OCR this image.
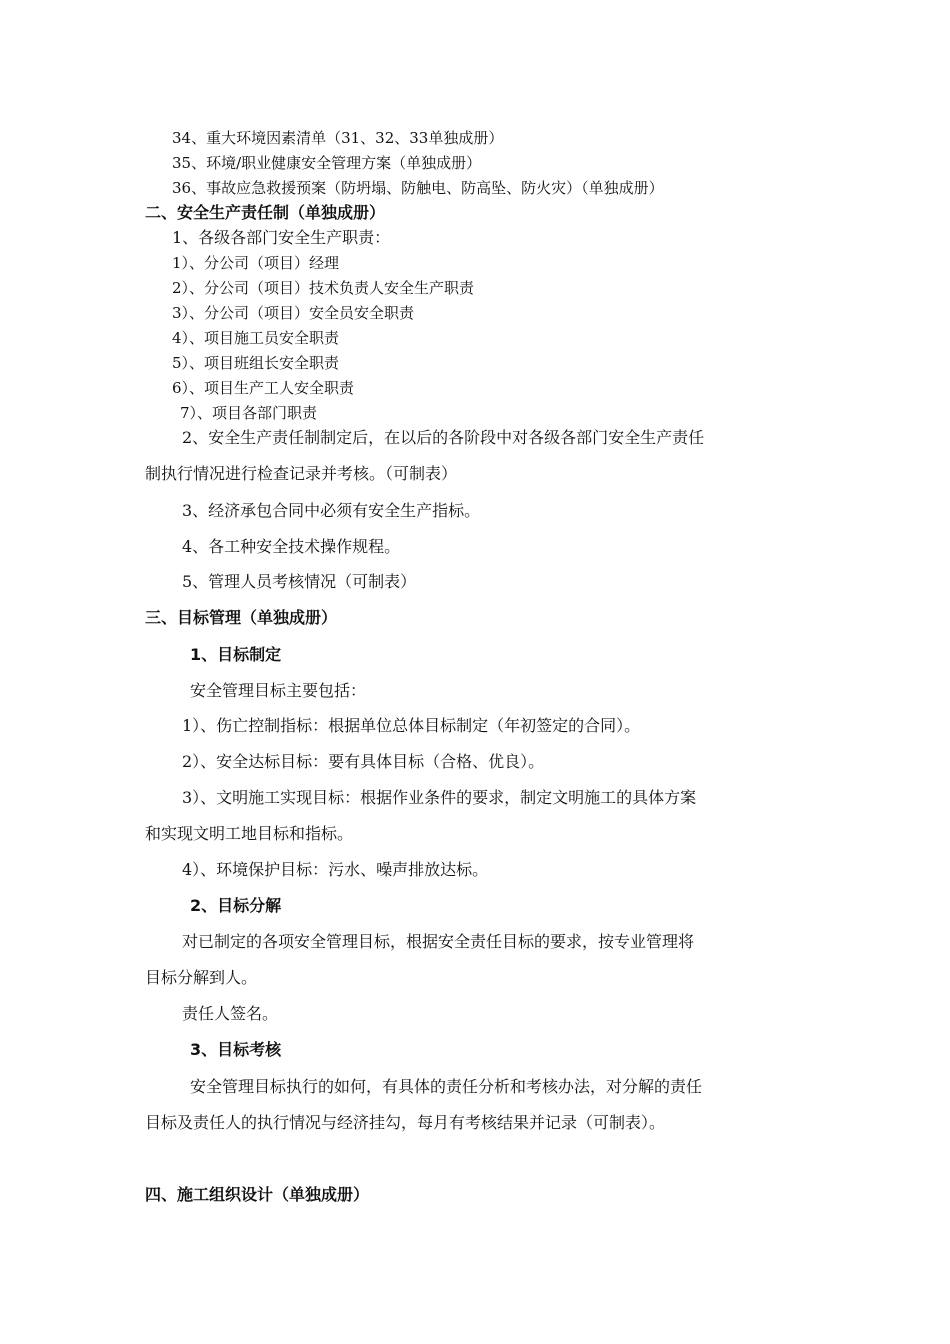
34、重大环境因素清单（31、32、33单独成册）
35、环境/职业健康安全管理方案（单独成册）
36、事故应急救援预案（防坍塌、防触电、防高坠、防火灾）（单独成册）
二、安全生产责任制（单独成册）
1、各级各部门安全生产职责：
1）、分公司（项目）经理
2）、分公司（项目）技术负责人安全生产职责
3）、分公司（项目）安全员安全职责
4）、项目施工员安全职责
5）、项目班组长安全职责
6）、项目生产工人安全职责
7）、项目各部门职责
2、安全生产责任制制定后，在以后的各阶段中对各级各部门安全生产责任
制执行情况进行检查记录并考核。（可制表）
3、经济承包合同中必须有安全生产指标。
4、各工种安全技术操作规程。
5、管理人员考核情况（可制表）
三、目标管理（单独成册）
1、目标制定
安全管理目标主要包括：
1）、伤亡控制指标：根据单位总体目标制定（年初签定的合同）。
2）、安全达标目标：要有具体目标（合格、优良）。
3）、文明施工实现目标：根据作业条件的要求，制定文明施工的具体方案
和实现文明工地目标和指标。
4）、环境保护目标：污水、噪声排放达标。
2、目标分解
对已制定的各项安全管理目标，根据安全责任目标的要求，按专业管理将
目标分解到人。
责任人签名。
3、目标考核
安全管理目标执行的如何，有具体的责任分析和考核办法，对分解的责任
目标及责任人的执行情况与经济挂勾，每月有考核结果并记录（可制表）。
四、施工组织设计（单独成册）
